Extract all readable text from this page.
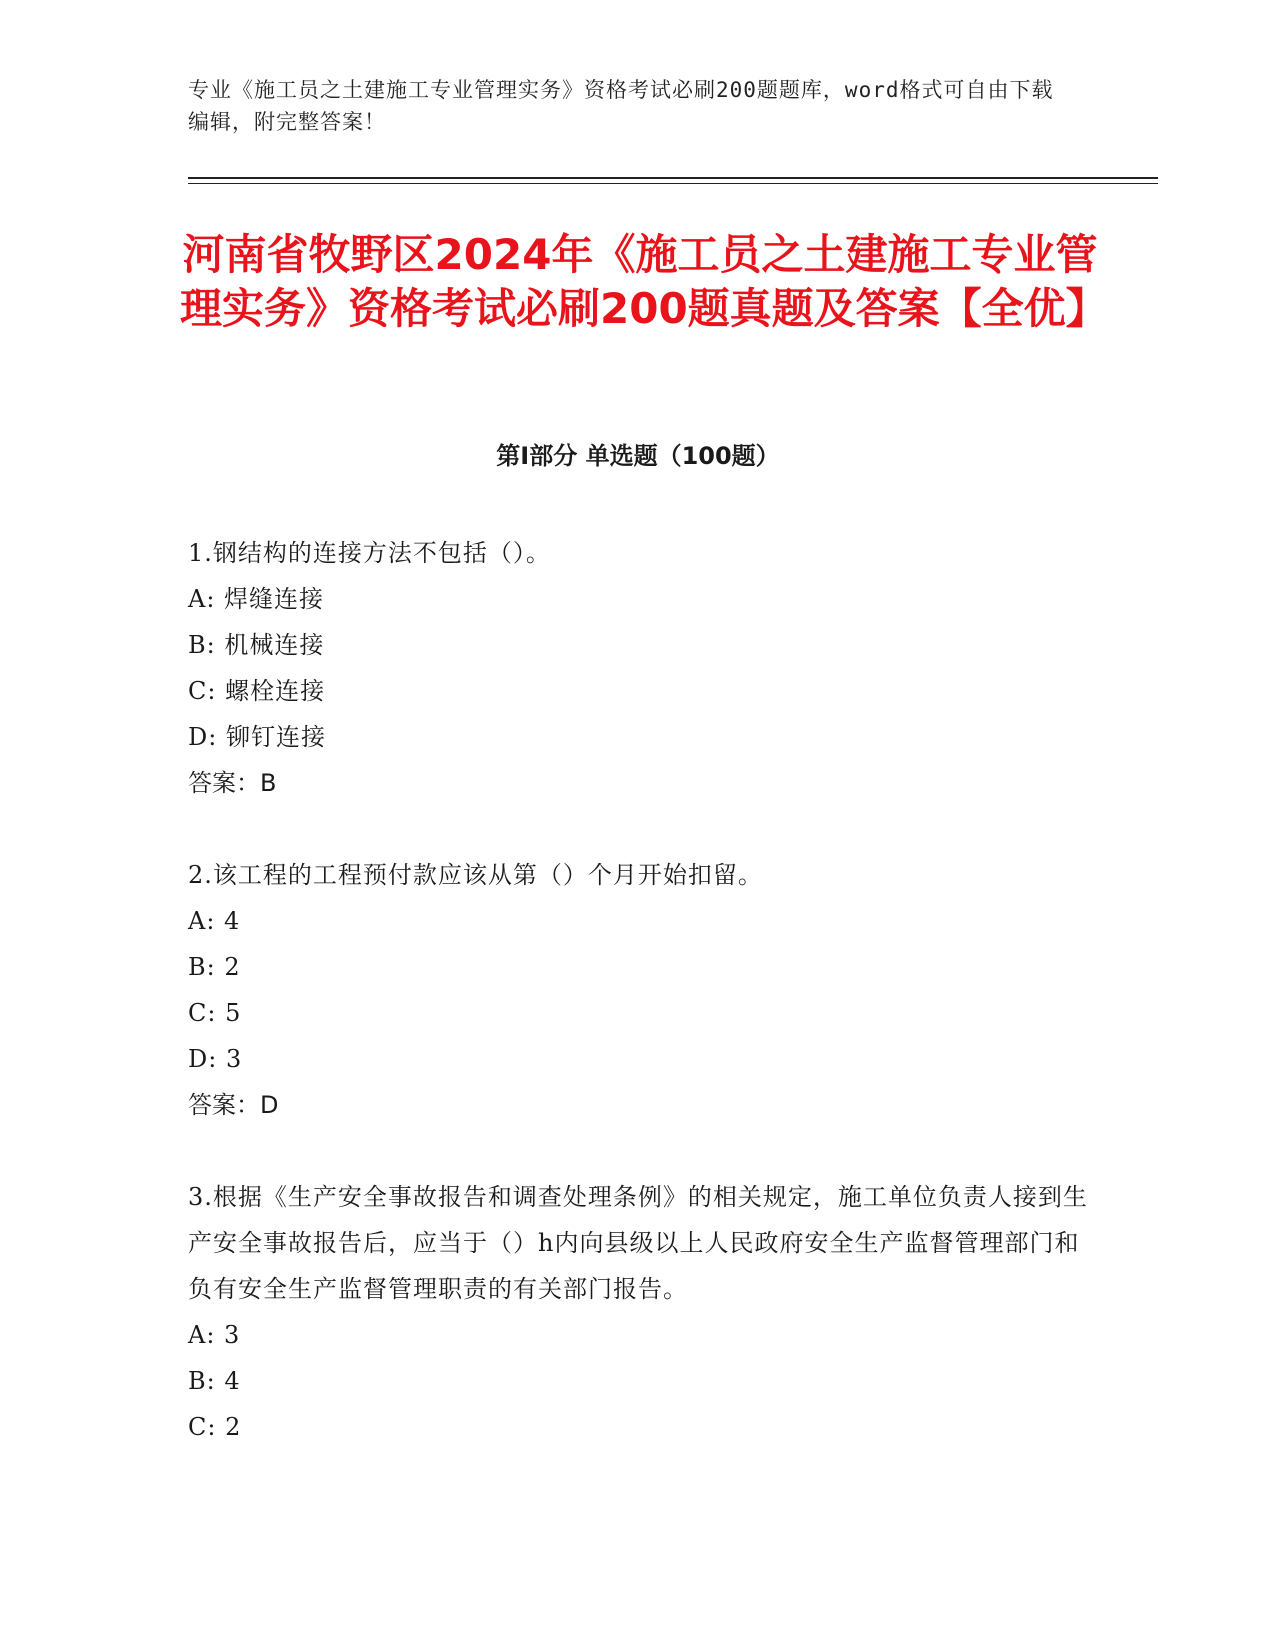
专业《施工员之土建施工专业管理实务》资格考试必刷200题题库，word格式可自由下载编辑，附完整答案！
河南省牧野区2024年《施工员之土建施工专业管理实务》资格考试必刷200题真题及答案【全优】
第Ⅰ部分 单选题（100题）
1.钢结构的连接方法不包括（）。
A: 焊缝连接
B: 机械连接
C: 螺栓连接
D: 铆钉连接
答案：B
2.该工程的工程预付款应该从第（）个月开始扣留。
A: 4
B: 2
C: 5
D: 3
答案：D
3.根据《生产安全事故报告和调查处理条例》的相关规定，施工单位负责人接到生产安全事故报告后，应当于（）h内向县级以上人民政府安全生产监督管理部门和负有安全生产监督管理职责的有关部门报告。
A: 3
B: 4
C: 2
